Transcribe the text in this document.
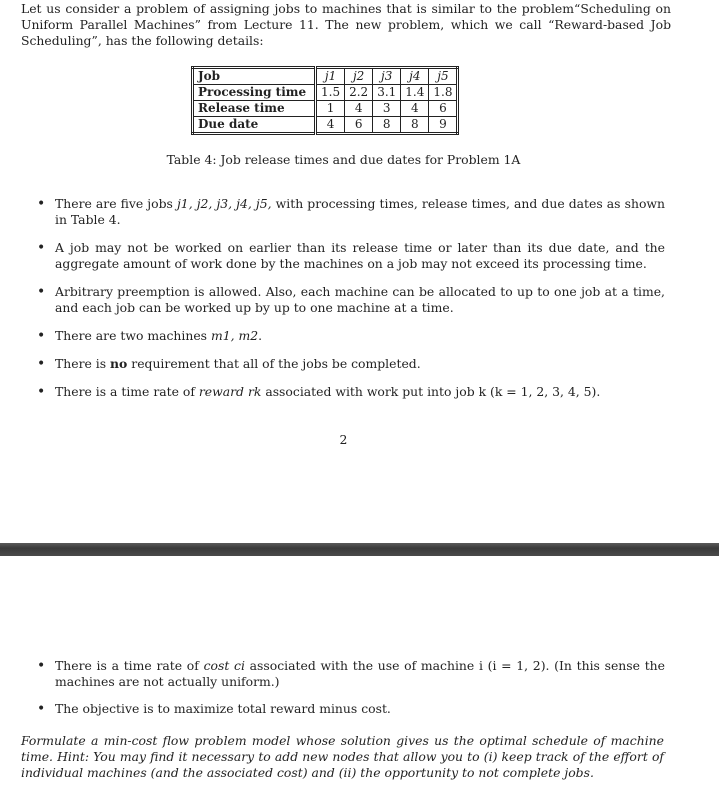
Let us consider a problem of assigning jobs to machines that is similar to the problem“Scheduling on Uniform Parallel Machines” from Lecture 11. The new problem, which we call “Reward-based Job Scheduling”, has the following details:

Job	j1	j2	j3	j4	j5
Processing time	1.5	2.2	3.1	1.4	1.8
Release time	1	4	3	4	6
Due date	4	6	8	8	9
Table 4: Job release times and due dates for Problem 1A
• There are five jobs j1, j2, j3, j4, j5, with processing times, release times, and due dates as shown in Table 4.
• A job may not be worked on earlier than its release time or later than its due date, and the aggregate amount of work done by the machines on a job may not exceed its processing time.
• Arbitrary preemption is allowed. Also, each machine can be allocated to up to one job at a time, and each job can be worked up by up to one machine at a time.
• There are two machines m1, m2.
• There is no requirement that all of the jobs be completed.
• There is a time rate of reward rk associated with work put into job k (k = 1, 2, 3, 4, 5).
2
• There is a time rate of cost ci associated with the use of machine i (i = 1, 2). (In this sense the machines are not actually uniform.)
• The objective is to maximize total reward minus cost.

Formulate a min-cost flow problem model whose solution gives us the optimal schedule of machine time. Hint: You may find it necessary to add new nodes that allow you to (i) keep track of the effort of individual machines (and the associated cost) and (ii) the opportunity to not complete jobs.
